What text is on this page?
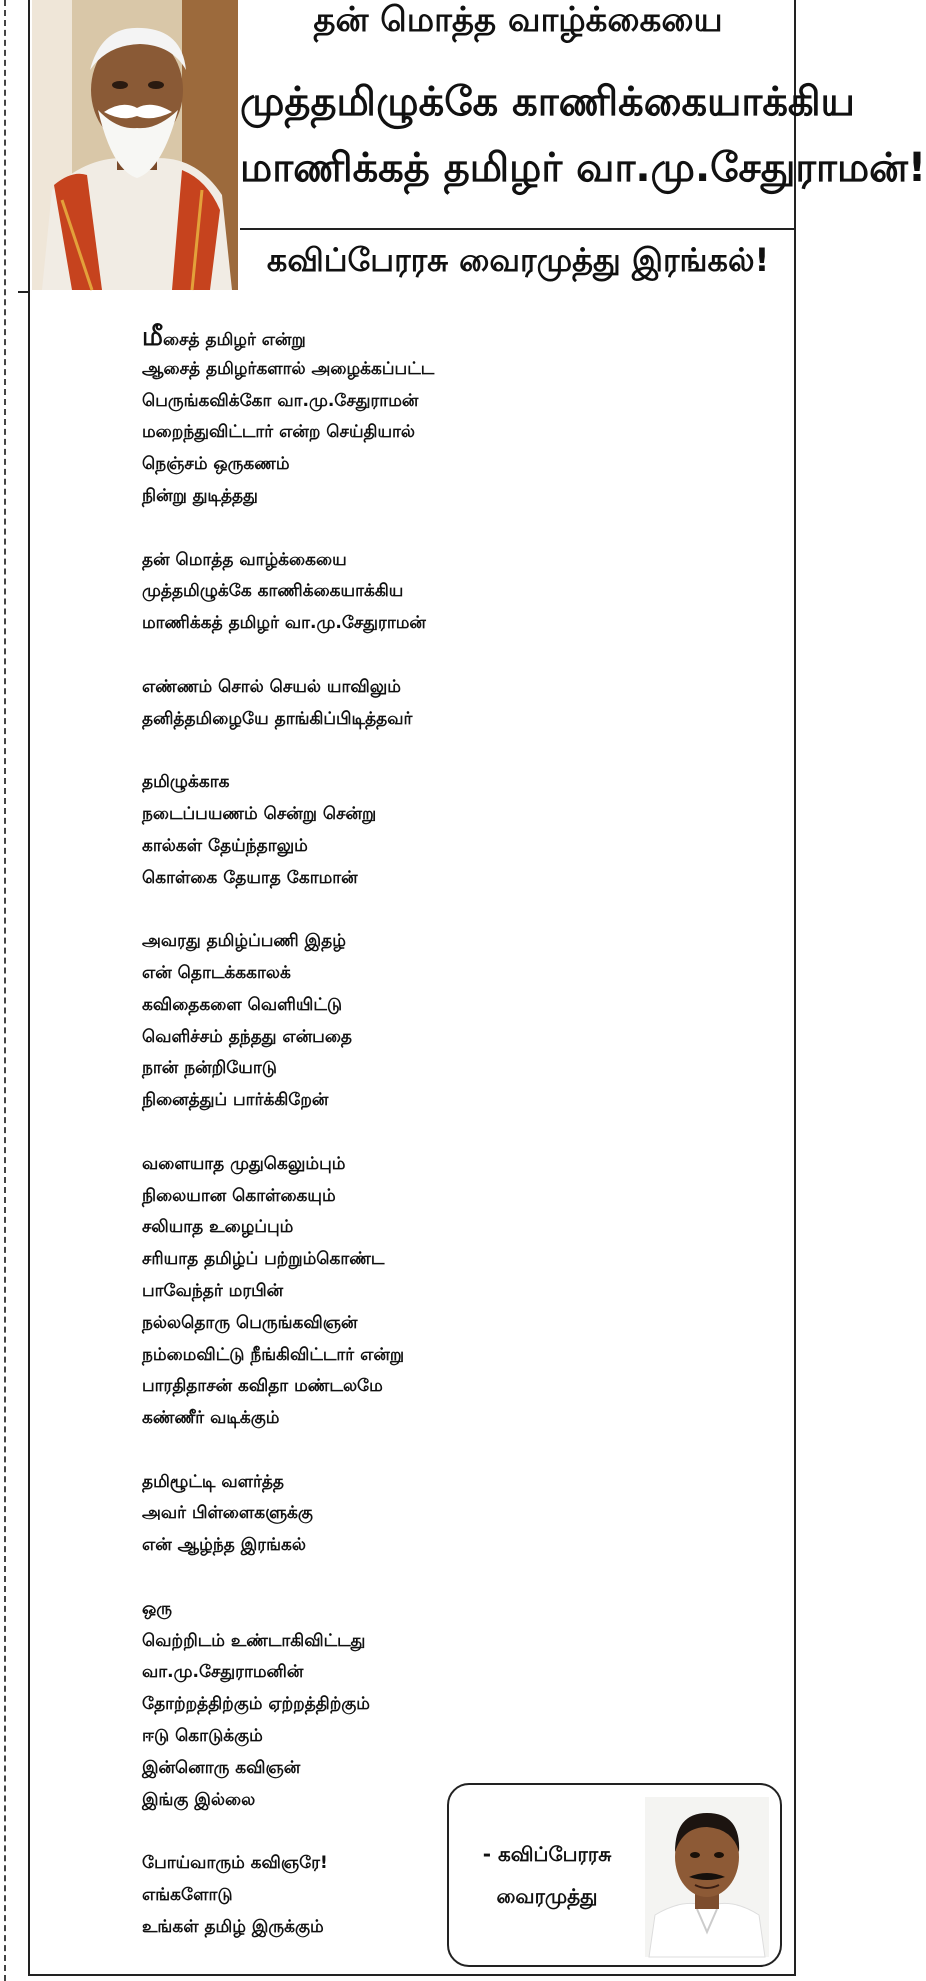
தன் மொத்த வாழ்க்கையை
முத்தமிழுக்கே காணிக்கையாக்கிய
மாணிக்கத் தமிழர் வா.மு.சேதுராமன்!
கவிப்பேரரசு வைரமுத்து இரங்கல்!
மீசைத் தமிழர் என்று
ஆசைத் தமிழர்களால் அழைக்கப்பட்ட
பெருங்கவிக்கோ வா.மு.சேதுராமன்
மறைந்துவிட்டார் என்ற செய்தியால்
நெஞ்சம் ஒருகணம்
நின்று துடித்தது
தன் மொத்த வாழ்க்கையை
முத்தமிழுக்கே காணிக்கையாக்கிய
மாணிக்கத் தமிழர் வா.மு.சேதுராமன்
எண்ணம் சொல் செயல் யாவிலும்
தனித்தமிழையே தாங்கிப்பிடித்தவர்
தமிழுக்காக
நடைப்பயணம் சென்று சென்று
கால்கள் தேய்ந்தாலும்
கொள்கை தேயாத கோமான்
அவரது தமிழ்ப்பணி இதழ்
என் தொடக்ககாலக்
கவிதைகளை வெளியிட்டு
வெளிச்சம் தந்தது என்பதை
நான் நன்றியோடு
நினைத்துப் பார்க்கிறேன்
வளையாத முதுகெலும்பும்
நிலையான கொள்கையும்
சலியாத உழைப்பும்
சரியாத தமிழ்ப் பற்றும்கொண்ட
பாவேந்தர் மரபின்
நல்லதொரு பெருங்கவிஞன்
நம்மைவிட்டு நீங்கிவிட்டார் என்று
பாரதிதாசன் கவிதா மண்டலமே
கண்ணீர் வடிக்கும்
தமிழூட்டி வளர்த்த
அவர் பிள்ளைகளுக்கு
என் ஆழ்ந்த இரங்கல்
ஒரு
வெற்றிடம் உண்டாகிவிட்டது
வா.மு.சேதுராமனின்
தோற்றத்திற்கும் ஏற்றத்திற்கும்
ஈடு கொடுக்கும்
இன்னொரு கவிஞன்
இங்கு இல்லை
போய்வாரும் கவிஞரே!
எங்களோடு
உங்கள் தமிழ் இருக்கும்
- கவிப்பேரரசு
வைரமுத்து
